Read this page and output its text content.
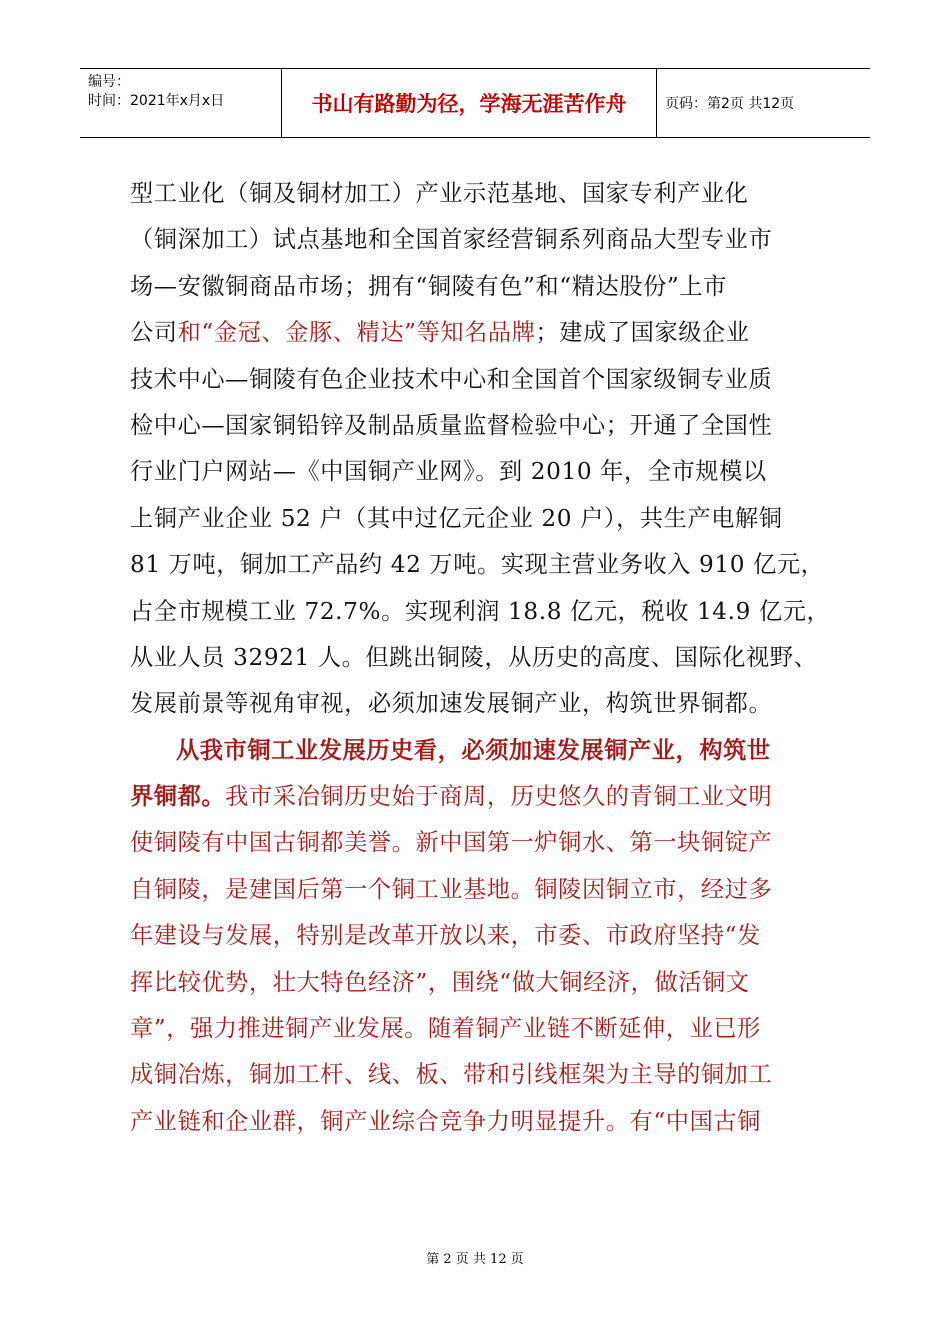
编号：
时间：2021年x月x日	书山有路勤为径，学海无涯苦作舟	页码：第2页 共12页
型工业化（铜及铜材加工）产业示范基地、国家专利产业化
（铜深加工）试点基地和全国首家经营铜系列商品大型专业市
场—安徽铜商品市场；拥有“铜陵有色”和“精达股份”上市
公司和“金冠、金豚、精达”等知名品牌；建成了国家级企业
技术中心—铜陵有色企业技术中心和全国首个国家级铜专业质
检中心—国家铜铅锌及制品质量监督检验中心；开通了全国性
行业门户网站—《中国铜产业网》。到 2010 年，全市规模以
上铜产业企业 52 户（其中过亿元企业 20 户），共生产电解铜
81 万吨，铜加工产品约 42 万吨。实现主营业务收入 910 亿元，
占全市规模工业 72.7%。实现利润 18.8 亿元，税收 14.9 亿元，
从业人员 32921 人。但跳出铜陵，从历史的高度、国际化视野、
发展前景等视角审视，必须加速发展铜产业，构筑世界铜都。
从我市铜工业发展历史看，必须加速发展铜产业，构筑世
界铜都。我市采冶铜历史始于商周，历史悠久的青铜工业文明
使铜陵有中国古铜都美誉。新中国第一炉铜水、第一块铜锭产
自铜陵，是建国后第一个铜工业基地。铜陵因铜立市，经过多
年建设与发展，特别是改革开放以来，市委、市政府坚持“发
挥比较优势，壮大特色经济”，围绕“做大铜经济，做活铜文
章”，强力推进铜产业发展。随着铜产业链不断延伸，业已形
成铜冶炼，铜加工杆、线、板、带和引线框架为主导的铜加工
产业链和企业群，铜产业综合竞争力明显提升。有“中国古铜
第 2 页 共 12 页
